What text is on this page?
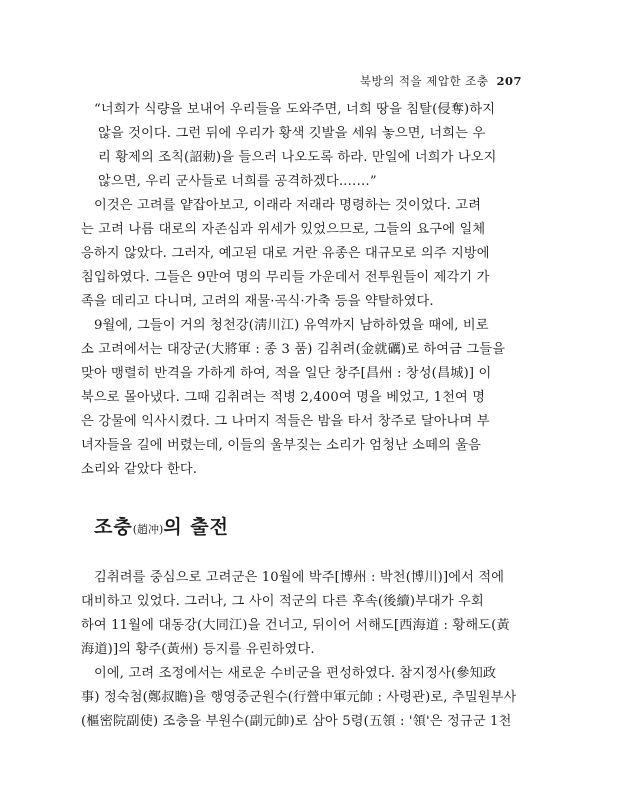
북방의 적을 제압한 조충 207
“너희가 식량을 보내어 우리들을 도와주면, 너희 땅을 침탈(侵奪)하지
않을 것이다. 그런 뒤에 우리가 황색 깃발을 세워 놓으면, 너희는 우
리 황제의 조칙(詔勅)을 들으러 나오도록 하라. 만일에 너희가 나오지
않으면, 우리 군사들로 너희를 공격하겠다.……”
이것은 고려를 얕잡아보고, 이래라 저래라 명령하는 것이었다. 고려
는 고려 나름 대로의 자존심과 위세가 있었으므로, 그들의 요구에 일체
응하지 않았다. 그러자, 예고된 대로 거란 유종은 대규모로 의주 지방에
침입하였다. 그들은 9만여 명의 무리들 가운데서 전투원들이 제각기 가
족을 데리고 다니며, 고려의 재물·곡식·가축 등을 약탈하였다.
9월에, 그들이 거의 청천강(淸川江) 유역까지 남하하였을 때에, 비로
소 고려에서는 대장군(大將軍 : 종 3 품) 김취려(金就礪)로 하여금 그들을
맞아 맹렬히 반격을 가하게 하여, 적을 일단 창주[昌州 : 창성(昌城)] 이
북으로 몰아냈다. 그때 김취려는 적병 2,400여 명을 베었고, 1천여 명
은 강물에 익사시켰다. 그 나머지 적들은 밤을 타서 창주로 달아나며 부
녀자들을 길에 버렸는데, 이들의 울부짖는 소리가 엄청난 소떼의 울음
소리와 같았다 한다.
조충(趙冲)의 출전
김취려를 중심으로 고려군은 10월에 박주[博州 : 박천(博川)]에서 적에
대비하고 있었다. 그러나, 그 사이 적군의 다른 후속(後續)부대가 우회
하여 11월에 대동강(大同江)을 건너고, 뒤이어 서해도[西海道 : 황해도(黃
海道)]의 황주(黃州) 등지를 유린하였다.
이에, 고려 조정에서는 새로운 수비군을 편성하였다. 참지정사(參知政
事) 정숙첨(鄭叔瞻)을 행영중군원수(行營中軍元帥 : 사령관)로, 추밀원부사
(樞密院副使) 조충을 부원수(副元帥)로 삼아 5령(五領 : '領'은 정규군 1천
